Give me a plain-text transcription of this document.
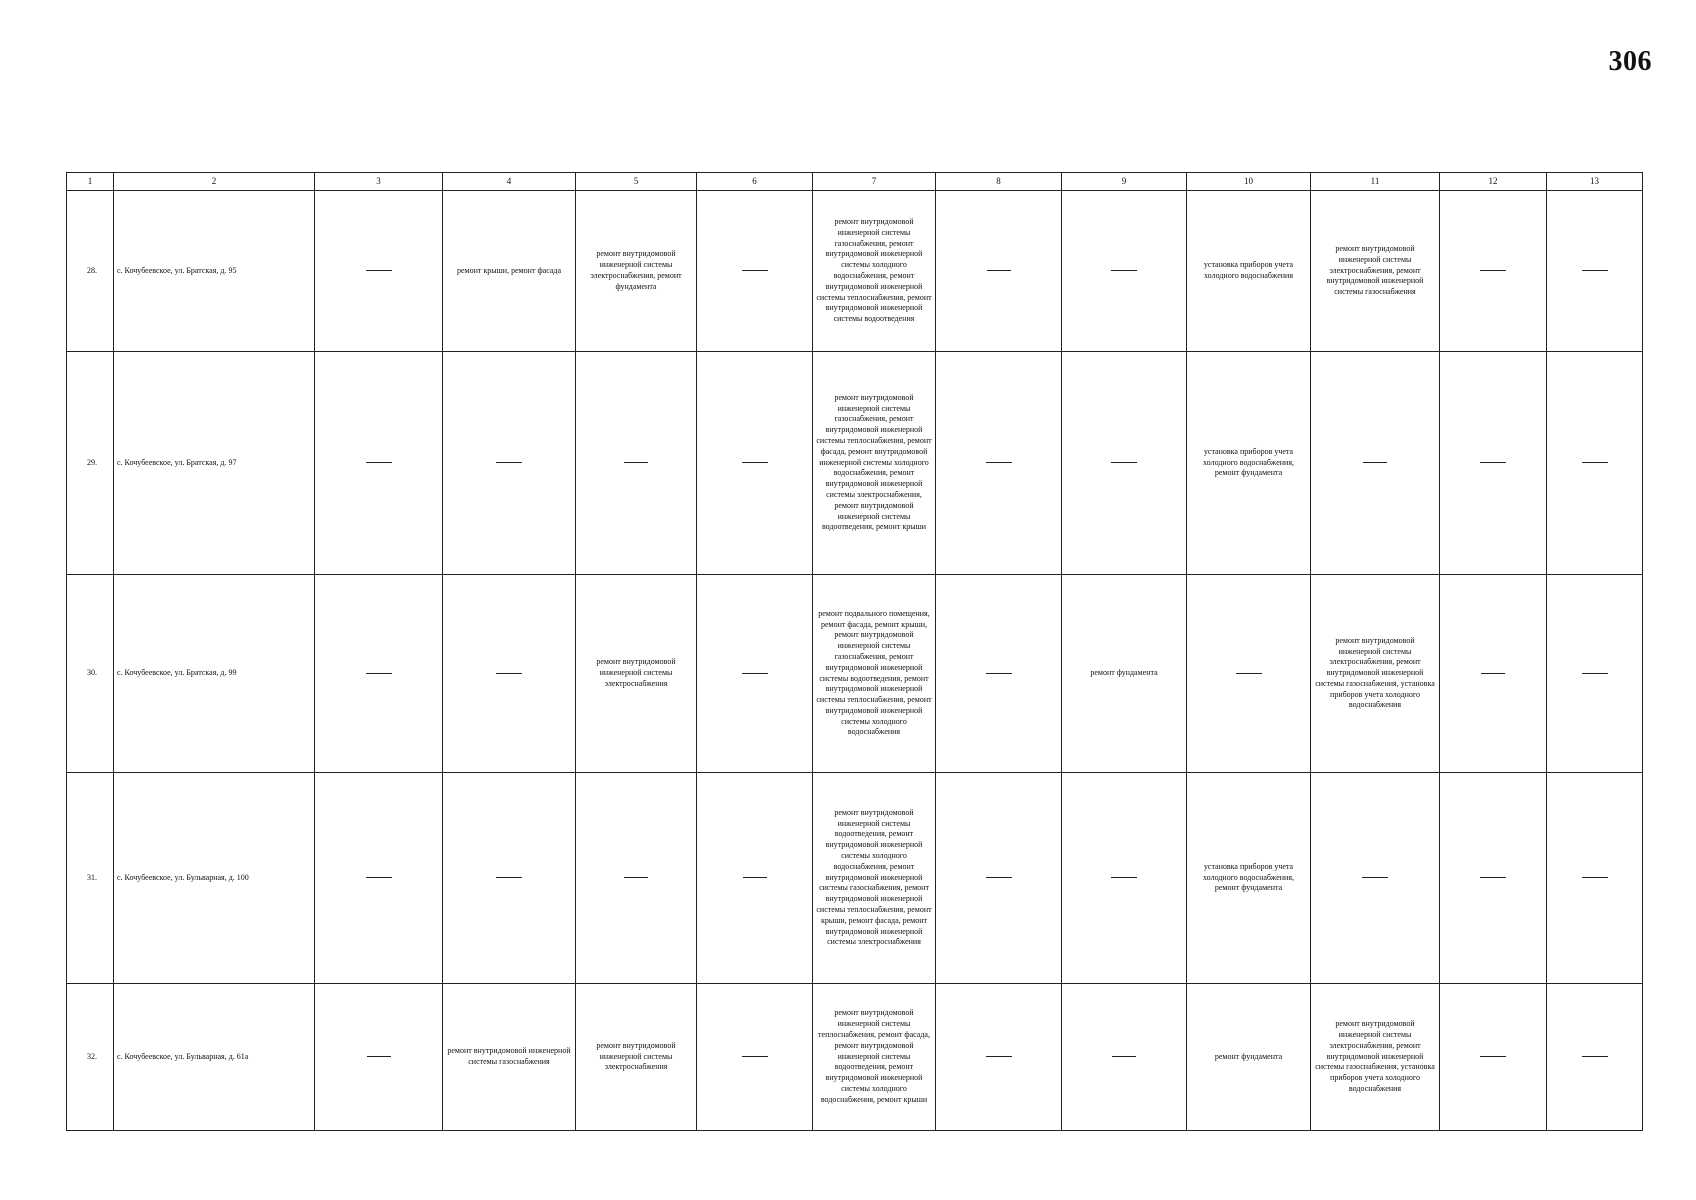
306
1	2	3	4	5	6	7	8	9	10	11	12	13
28.	с. Кочубеевское, ул. Братская, д. 95		ремонт крыши, ремонт фасада	ремонт внутридомовой инженерной системы электроснабжения, ремонт фундамента		ремонт внутридомовой инженерной системы газоснабжения, ремонт внутридомовой инженерной системы холодного водоснабжения, ремонт внутридомовой инженерной системы теплоснабжения, ремонт внутридомовой инженерной системы водоотведения			установка приборов учета холодного водоснабжения	ремонт внутридомовой инженерной системы электроснабжения, ремонт внутридомовой инженерной системы газоснабжения		
29.	с. Кочубеевское, ул. Братская, д. 97					ремонт внутридомовой инженерной системы газоснабжения, ремонт внутридомовой инженерной системы теплоснабжения, ремонт фасада, ремонт внутридомовой инженерной системы холодного водоснабжения, ремонт внутридомовой инженерной системы электроснабжения, ремонт внутридомовой инженерной системы водоотведения, ремонт крыши			установка приборов учета холодного водоснабжения, ремонт фундамента			
30.	с. Кочубеевское, ул. Братская, д. 99			ремонт внутридомовой инженерной системы электроснабжения		ремонт подвального помещения, ремонт фасада, ремонт крыши, ремонт внутридомовой инженерной системы газоснабжения, ремонт внутридомовой инженерной системы водоотведения, ремонт внутридомовой инженерной системы теплоснабжения, ремонт внутридомовой инженерной системы холодного водоснабжения		ремонт фундамента		ремонт внутридомовой инженерной системы электроснабжения, ремонт внутридомовой инженерной системы газоснабжения, установка приборов учета холодного водоснабжения		
31.	с. Кочубеевское, ул. Бульварная, д. 100					ремонт внутридомовой инженерной системы водоотведения, ремонт внутридомовой инженерной системы холодного водоснабжения, ремонт внутридомовой инженерной системы газоснабжения, ремонт внутридомовой инженерной системы теплоснабжения, ремонт крыши, ремонт фасада, ремонт внутридомовой инженерной системы электроснабжения			установка приборов учета холодного водоснабжения, ремонт фундамента			
32.	с. Кочубеевское, ул. Бульварная, д. 61а		ремонт внутридомовой инженерной системы газоснабжения	ремонт внутридомовой инженерной системы электроснабжения		ремонт внутридомовой инженерной системы теплоснабжения, ремонт фасада, ремонт внутридомовой инженерной системы водоотведения, ремонт внутридомовой инженерной системы холодного водоснабжения, ремонт крыши			ремонт фундамента	ремонт внутридомовой инженерной системы электроснабжения, ремонт внутридомовой инженерной системы газоснабжения, установка приборов учета холодного водоснабжения		
